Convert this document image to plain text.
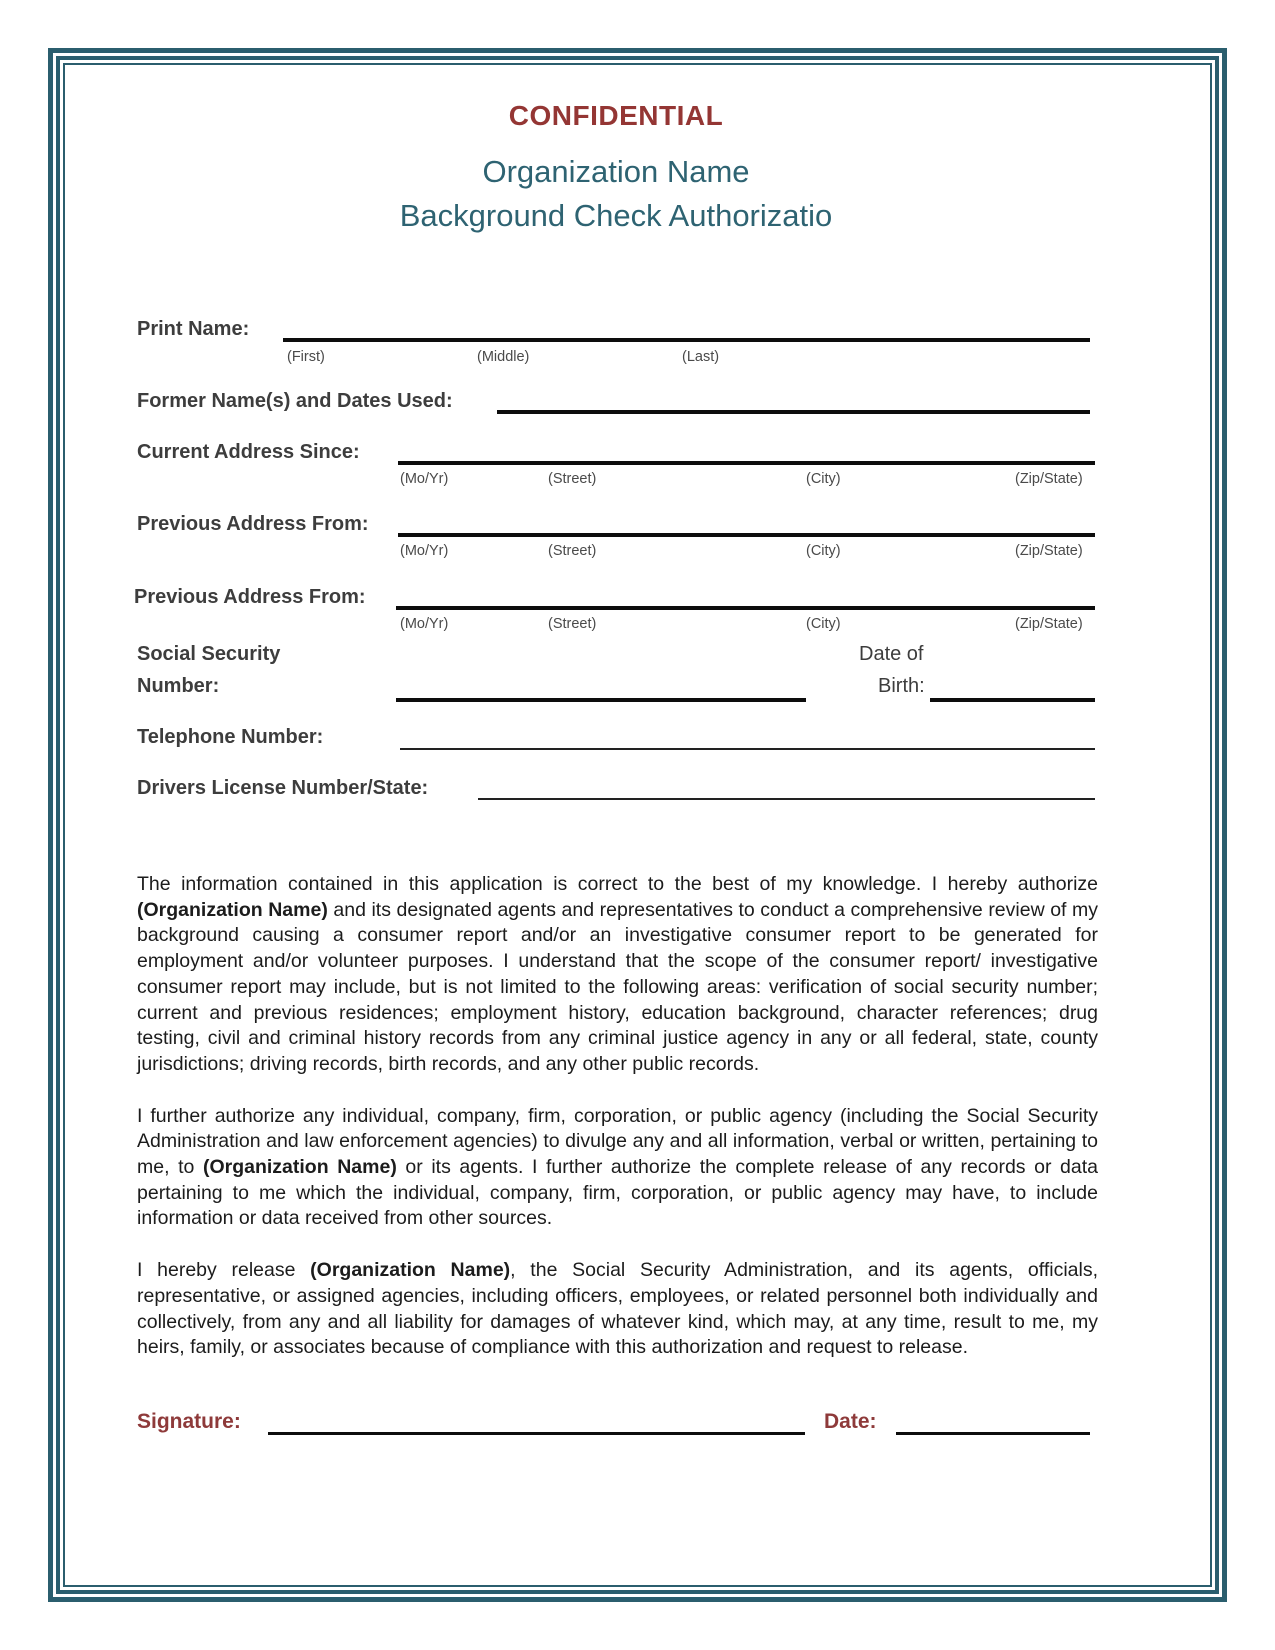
CONFIDENTIAL
Organization Name
Background Check Authorizatio
Print Name:
(First)	(Middle)	(Last)
Former Name(s) and Dates Used:
Current Address Since:
(Mo/Yr)	(Street)	(City)	(Zip/State)
Previous Address From:
(Mo/Yr)	(Street)	(City)	(Zip/State)
Previous Address From:
(Mo/Yr)	(Street)	(City)	(Zip/State)
Social Security
Number:
Date of
Birth:
Telephone Number:
Drivers License Number/State:

The information contained in this application is correct to the best of my knowledge. I hereby authorize (Organization Name) and its designated agents and representatives to conduct a comprehensive review of my background causing a consumer report and/or an investigative consumer report to be generated for employment and/or volunteer purposes. I understand that the scope of the consumer report/ investigative consumer report may include, but is not limited to the following areas: verification of social security number; current and previous residences; employment history, education background, character references; drug testing, civil and criminal history records from any criminal justice agency in any or all federal, state, county jurisdictions; driving records, birth records, and any other public records.

I further authorize any individual, company, firm, corporation, or public agency (including the Social Security Administration and law enforcement agencies) to divulge any and all information, verbal or written, pertaining to me, to (Organization Name) or its agents. I further authorize the complete release of any records or data pertaining to me which the individual, company, firm, corporation, or public agency may have, to include information or data received from other sources.

I hereby release (Organization Name), the Social Security Administration, and its agents, officials, representative, or assigned agencies, including officers, employees, or related personnel both individually and collectively, from any and all liability for damages of whatever kind, which may, at any time, result to me, my heirs, family, or associates because of compliance with this authorization and request to release.

Signature:	Date:
